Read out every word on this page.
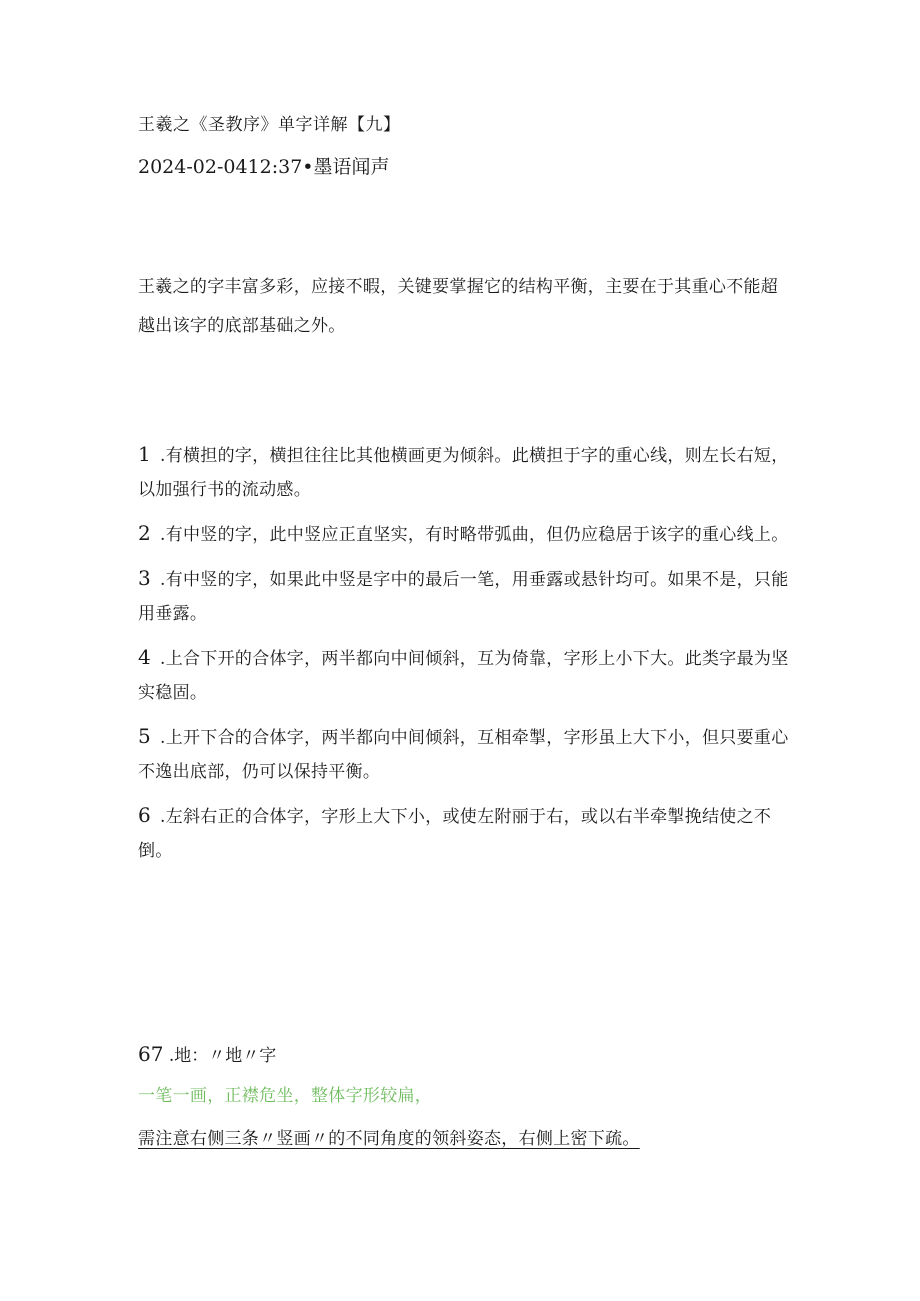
王羲之《圣教序》单字详解【九】
2024-02-0412:37•墨语闻声
王羲之的字丰富多彩，应接不暇，关键要掌握它的结构平衡，主要在于其重心不能超越出该字的底部基础之外。
1 .有横担的字，横担往往比其他横画更为倾斜。此横担于字的重心线，则左长右短，以加强行书的流动感。
2 .有中竖的字，此中竖应正直坚实，有时略带弧曲，但仍应稳居于该字的重心线上。
3 .有中竖的字，如果此中竖是字中的最后一笔，用垂露或悬针均可。如果不是，只能用垂露。
4 .上合下开的合体字，两半都向中间倾斜，互为倚靠，字形上小下大。此类字最为坚实稳固。
5 .上开下合的合体字，两半都向中间倾斜，互相牵掣，字形虽上大下小，但只要重心不逸出底部，仍可以保持平衡。
6 .左斜右正的合体字，字形上大下小，或使左附丽于右，或以右半牵掣挽结使之不倒。
67 .地：〃地〃字
一笔一画，正襟危坐，整体字形较扁，
需注意右侧三条〃竖画〃的不同角度的领斜姿态，右侧上密下疏。
